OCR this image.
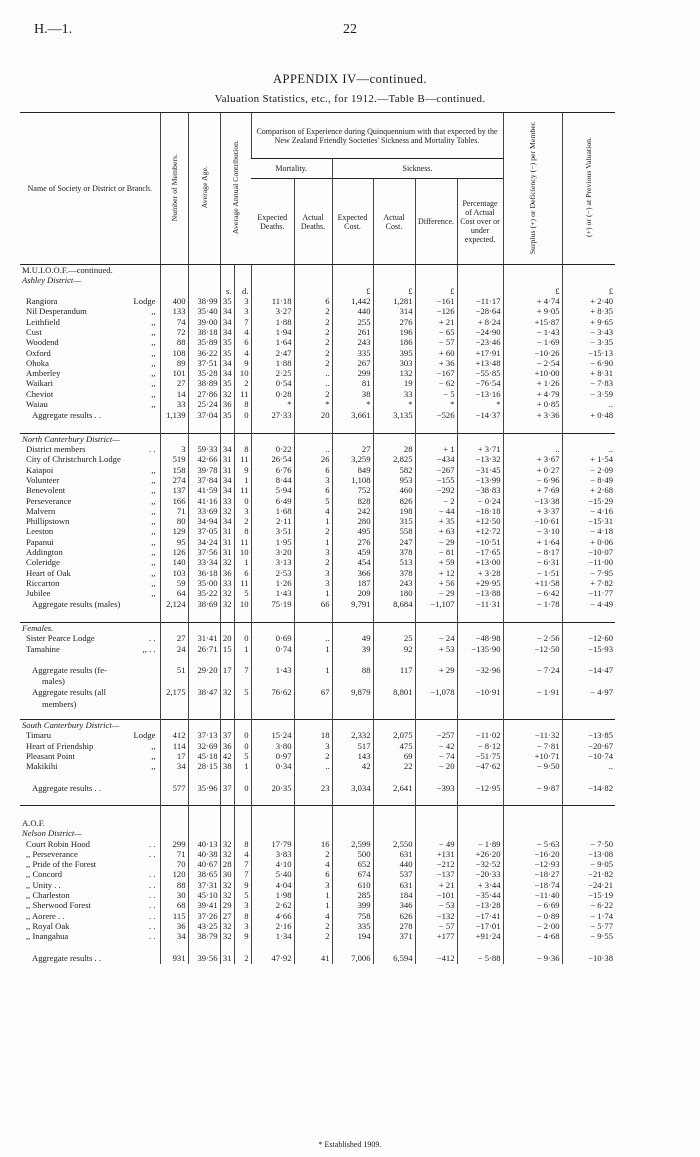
H.—1.	22
APPENDIX IV—continued.
Valuation Statistics, etc., for 1912.—Table B—continued.
Name of Society or District or Branch.	Number of Members.	Average Age.	Average Annual Contribution.		Comparison of Experience during Quinquennium with that expected by the New Zealand Friendly Societies' Sickness and Mortality Tables.						Surplus (+) or Deficiency (−) per Member.	(+) or (−) at Previous Valuation.
					Mortality.		Sickness.					
					Expected Deaths.	Actual Deaths.	Expected Cost.	Actual Cost.	Difference.	Percentage of Actual Cost over or under expected.		
M.U.I.O.O.F.—continued.												
Ashley District—												
			s.	d.			£	£	£		£	£
Rangiora Lodge	400	38·99	35	3	11·18	6	1,442	1,281	−161	−11·17	+ 4·74	+ 2·40
Nil Desperandum ,,	133	35·40	34	3	3·27	2	440	314	−126	−28·64	+ 9·05	+ 8·35
Leithfield ,,	74	39·00	34	7	1·88	2	255	276	+ 21	+ 8·24	+15·87	+ 9·65
Cust ,,	72	38·18	34	4	1·94	2	261	196	− 65	−24·90	− 1·43	− 3·43
Woodend ,,	88	35·89	35	6	1·64	2	243	186	− 57	−23·46	− 1·69	− 3·35
Oxford ,,	108	36·22	35	4	2·47	2	335	395	+ 60	+17·91	−10·26	−15·13
Ohoka ,,	89	37·51	34	9	1·88	2	267	303	+ 36	+13·48	− 2·54	− 6·90
Amberley ,,	101	35·28	34	10	2·25	..	299	132	−167	−55·85	+10·00	+ 8·31
Waikari ,,	27	38·89	35	2	0·54	..	81	19	− 62	−76·54	+ 1·26	− 7·83
Cheviot ,,	14	27·86	32	11	0·28	2	38	33	− 5	−13·16	+ 4·79	− 3·59
Waiau ,,	33	25·24	36	8	*	*	*	*	*	*	+ 0·85	..
Aggregate results . .	1,139	37·04	35	0	27·33	20	3,661	3,135	−526	−14·37	+ 3·36	+ 0·48

North Canterbury District—												
District members . .	3	59·33	34	8	0·22	..	27	28	+ 1	+ 3·71	..	..
City of Christchurch Lodge	519	42·66	31	11	26·54	26	3,259	2,825	−434	−13·32	+ 3·67	+ 1·54
Kaiapoi ,,	158	39·78	31	9	6·76	6	849	582	−267	−31·45	+ 0·27	− 2·09
Volunteer ,,	274	37·84	34	1	8·44	3	1,108	953	−155	−13·99	− 6·96	− 8·49
Benevolent ,,	137	41·59	34	11	5·94	6	752	460	−292	−38·83	+ 7·69	+ 2·68
Perseverance ,,	166	41·16	33	0	6·49	5	828	826	− 2	− 0·24	−13·38	−15·29
Malvern ,,	71	33·69	32	3	1·68	4	242	198	− 44	−18·18	+ 3·37	− 4·16
Phillipstown ,,	80	34·94	34	2	2·11	1	280	315	+ 35	+12·50	−10·61	−15·31
Leeston ,,	129	37·05	31	8	3·51	2	495	558	+ 63	+12·72	− 3·10	− 4·18
Papanui ,,	95	34·24	31	11	1·95	1	276	247	− 29	−10·51	+ 1·64	+ 0·06
Addington ,,	126	37·56	31	10	3·20	3	459	378	− 81	−17·65	− 8·17	−10·07
Coleridge ,,	140	33·34	32	1	3·13	2	454	513	+ 59	+13·00	− 6·31	−11·00
Heart of Oak ,,	103	36·18	36	6	2·53	3	366	378	+ 12	+ 3·28	− 1·51	− 7·95
Riccarton ,,	59	35·00	33	11	1·26	3	187	243	+ 56	+29·95	+11·58	+ 7·82
Jubilee ,,	64	35·22	32	5	1·43	1	209	180	− 29	−13·88	− 6·42	−11·77
Aggregate results (males)	2,124	38·69	32	10	75·19	66	9,791	8,684	−1,107	−11·31	− 1·78	− 4·49

Females.												
Sister Pearce Lodge . .	27	31·41	20	0	0·69	..	49	25	− 24	−48·98	− 2·56	−12·60
Tamahine ,, . .	24	26·71	15	1	0·74	1	39	92	+ 53	−135·90	−12·50	−15·93

Aggregate results (fe-	51	29·20	17	7	1·43	1	88	117	+ 29	−32·96	− 7·24	−14·47
males)												
Aggregate results (all	2,175	38·47	32	5	76·62	67	9,879	8,801	−1,078	−10·91	− 1·91	− 4·97
members)												

South Canterbury District—												
Timaru Lodge	412	37·13	37	0	15·24	18	2,332	2,075	−257	−11·02	−11·32	−13·85
Heart of Friendship ,,	114	32·69	36	0	3·80	3	517	475	− 42	− 8·12	− 7·81	−20·67
Pleasant Point ,,	17	45·18	42	5	0·97	2	143	69	− 74	−51·75	+10·71	−10·74
Makikihi ,,	34	28·15	38	1	0·34	..	42	22	− 20	−47·62	− 9·50	..

Aggregate results . .	577	35·96	37	0	20·35	23	3,034	2,641	−393	−12·95	− 9·87	−14·82

A.O.F.												
Nelson District—												
Court Robin Hood . .	299	40·13	32	8	17·79	16	2,599	2,550	− 49	− 1·89	− 5·63	− 7·50
,, Perseverance . .	71	40·38	32	4	3·83	2	500	631	+131	+26·20	−16·20	−13·08
,, Pride of the Forest	70	40·67	28	7	4·10	4	652	440	−212	−32·52	−12·93	− 9·05
,, Concord . .	120	38·65	30	7	5·40	6	674	537	−137	−20·33	−18·27	−21·82
,, Unity . . . .	88	37·31	32	9	4·04	3	610	631	+ 21	+ 3·44	−18·74	−24·21
,, Charleston . .	30	45·10	32	5	1·98	1	285	184	−101	−35·44	−11·40	−15·19
,, Sherwood Forest . .	68	39·41	29	3	2·62	1	399	346	− 53	−13·28	− 6·69	− 6·22
,, Aorere . . . .	115	37·26	27	8	4·66	4	758	626	−132	−17·41	− 0·89	− 1·74
,, Royal Oak . .	36	43·25	32	3	2·16	2	335	278	− 57	−17·01	− 2·00	− 5·77
,, Inangahua . .	34	38·79	32	9	1·34	2	194	371	+177	+91·24	− 4·68	− 9·55

Aggregate results . .	931	39·56	31	2	47·92	41	7,006	6,594	−412	− 5·88	− 9·36	−10·38
* Established 1909.
